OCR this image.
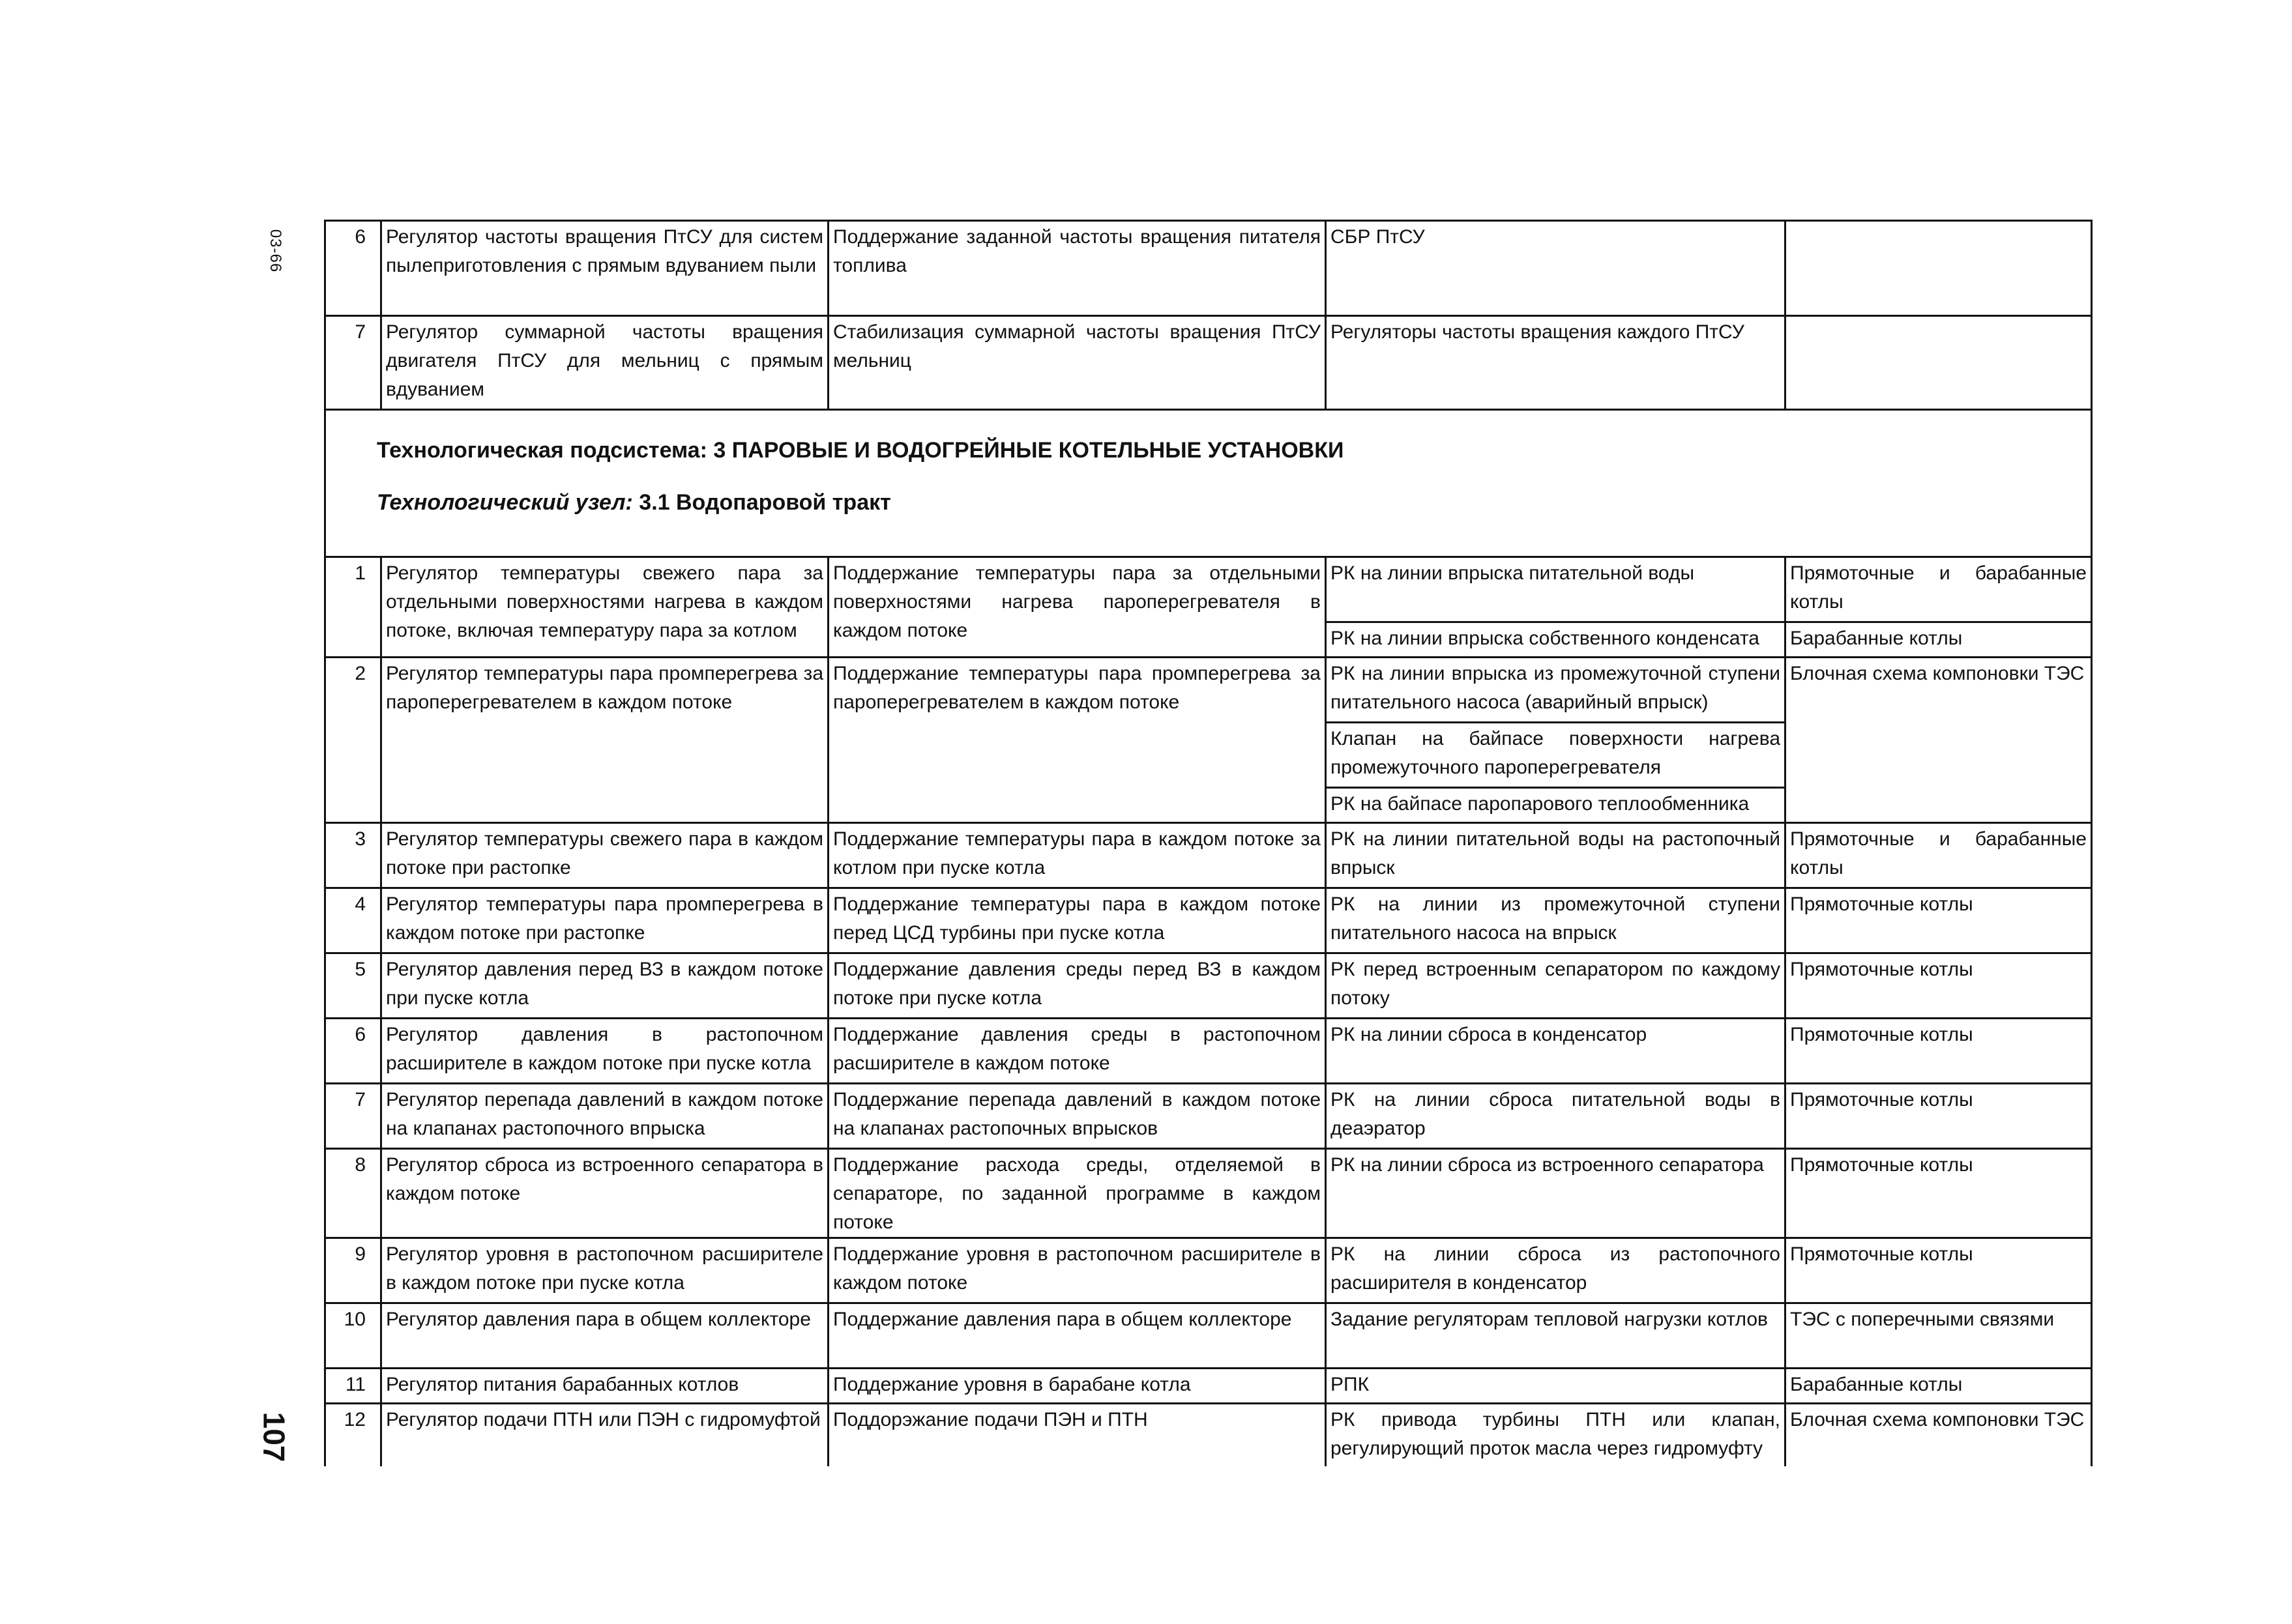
03-66
107
6	Регулятор частоты вращения ПтСУ для систем пылеприготовления с прямым вдуванием пыли	Поддержание заданной частоты вращения питателя топлива	СБР ПтСУ	
7	Регулятор суммарной частоты вращения двигателя ПтСУ для мельниц с прямым вдуванием	Стабилизация суммарной частоты вращения ПтСУ мельниц	Регуляторы частоты вращения каждого ПтСУ	

Технологическая подсистема: 3 ПАРОВЫЕ И ВОДОГРЕЙНЫЕ КОТЕЛЬНЫЕ УСТАНОВКИ
Технологический узел: 3.1 Водопаровой тракт				

1	Регулятор температуры свежего пара за отдельными поверхностями нагрева в каждом потоке, включая температуру пара за котлом	Поддержание температуры пара за отдельными поверхностями нагрева пароперегревателя в каждом потоке	РК на линии впрыска питательной воды	Прямоточные и барабанные котлы
			РК на линии впрыска собственного конденсата	Барабанные котлы
2	Регулятор температуры пара промперегрева за пароперегревателем в каждом потоке	Поддержание температуры пара промперегрева за пароперегревателем в каждом потоке	РК на линии впрыска из промежуточной ступени питательного насоса (аварийный впрыск)	Блочная схема компоновки ТЭС
			Клапан на байпасе поверхности нагрева промежуточного пароперегревателя	
			РК на байпасе паропарового теплообменника	
3	Регулятор температуры свежего пара в каждом потоке при растопке	Поддержание температуры пара в каждом потоке за котлом при пуске котла	РК на линии питательной воды на растопочный впрыск	Прямоточные и барабанные котлы
4	Регулятор температуры пара промперегрева в каждом потоке при растопке	Поддержание температуры пара в каждом потоке перед ЦСД турбины при пуске котла	РК на линии из промежуточной ступени питательного насоса на впрыск	Прямоточные котлы
5	Регулятор давления перед ВЗ в каждом потоке при пуске котла	Поддержание давления среды перед ВЗ в каждом потоке при пуске котла	РК перед встроенным сепаратором по каждому потоку	Прямоточные котлы
6	Регулятор давления в растопочном расширителе в каждом потоке при пуске котла	Поддержание давления среды в растопочном расширителе в каждом потоке	РК на линии сброса в конденсатор	Прямоточные котлы
7	Регулятор перепада давлений в каждом потоке на клапанах растопочного впрыска	Поддержание перепада давлений в каждом потоке на клапанах растопочных впрысков	РК на линии сброса питательной воды в деаэратор	Прямоточные котлы
8	Регулятор сброса из встроенного сепаратора в каждом потоке	Поддержание расхода среды, отделяемой в сепараторе, по заданной программе в каждом потоке	РК на линии сброса из встроенного сепаратора	Прямоточные котлы
9	Регулятор уровня в растопочном расширителе в каждом потоке при пуске котла	Поддержание уровня в растопочном расширителе в каждом потоке	РК на линии сброса из растопочного расширителя в конденсатор	Прямоточные котлы
10	Регулятор давления пара в общем коллекторе	Поддержание давления пара в общем коллекторе	Задание регуляторам тепловой нагрузки котлов	ТЭС с поперечными связями
11	Регулятор питания барабанных котлов	Поддержание уровня в барабане котла	РПК	Барабанные котлы
12	Регулятор подачи ПТН или ПЭН с гидромуфтой	Поддорэжание подачи ПЭН и ПТН	РК привода турбины ПТН или клапан, регулирующий проток масла через гидромуфту	Блочная схема компоновки ТЭС
